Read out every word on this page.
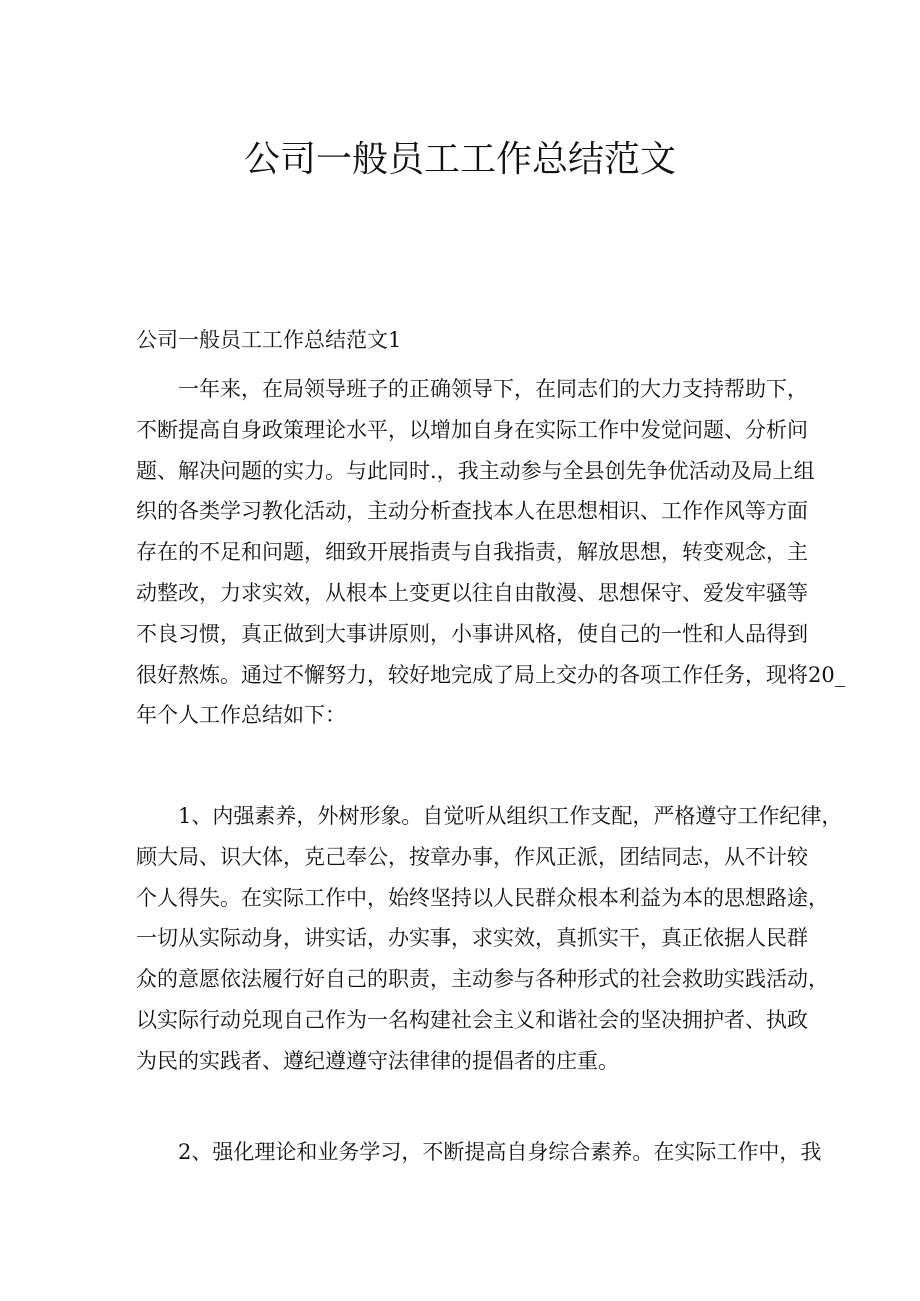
公司一般员工工作总结范文

公司一般员工工作总结范文1

一年来，在局领导班子的正确领导下，在同志们的大力支持帮助下，
不断提高自身政策理论水平，以增加自身在实际工作中发觉问题、分析问
题、解决问题的实力。与此同时.，我主动参与全县创先争优活动及局上组
织的各类学习教化活动，主动分析查找本人在思想相识、工作作风等方面
存在的不足和问题，细致开展指责与自我指责，解放思想，转变观念，主
动整改，力求实效，从根本上变更以往自由散漫、思想保守、爱发牢骚等
不良习惯，真正做到大事讲原则，小事讲风格，使自己的一性和人品得到
很好熬炼。通过不懈努力，较好地完成了局上交办的各项工作任务，现将20_
年个人工作总结如下：
1、内强素养，外树形象。自觉听从组织工作支配，严格遵守工作纪律，
顾大局、识大体，克己奉公，按章办事，作风正派，团结同志，从不计较
个人得失。在实际工作中，始终坚持以人民群众根本利益为本的思想路途，
一切从实际动身，讲实话，办实事，求实效，真抓实干，真正依据人民群
众的意愿依法履行好自己的职责，主动参与各种形式的社会救助实践活动，
以实际行动兑现自己作为一名构建社会主义和谐社会的坚决拥护者、执政
为民的实践者、遵纪遵遵守法律律的提倡者的庄重。
2、强化理论和业务学习，不断提高自身综合素养。在实际工作中，我
